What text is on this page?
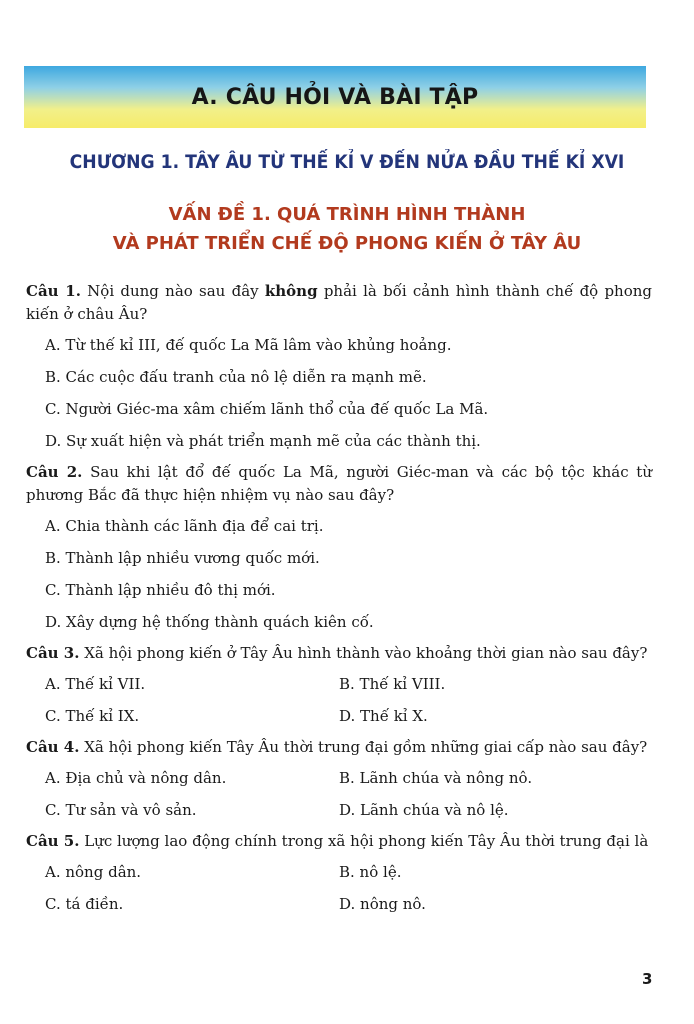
A. CÂU HỎI VÀ BÀI TẬP
CHƯƠNG 1. TÂY ÂU TỪ THẾ KỈ V ĐẾN NỬA ĐẦU THẾ KỈ XVI
VẤN ĐỀ 1. QUÁ TRÌNH HÌNH THÀNH
VÀ PHÁT TRIỂN CHẾ ĐỘ PHONG KIẾN Ở TÂY ÂU

Câu 1. Nội dung nào sau đây không phải là bối cảnh hình thành chế độ phong kiến ở châu Âu?

A. Từ thế kỉ III, đế quốc La Mã lâm vào khủng hoảng.

B. Các cuộc đấu tranh của nô lệ diễn ra mạnh mẽ.

C. Người Giéc-ma xâm chiếm lãnh thổ của đế quốc La Mã.

D. Sự xuất hiện và phát triển mạnh mẽ của các thành thị.

Câu 2. Sau khi lật đổ đế quốc La Mã, người Giéc-man và các bộ tộc khác từ phương Bắc đã thực hiện nhiệm vụ nào sau đây?

A. Chia thành các lãnh địa để cai trị.

B. Thành lập nhiều vương quốc mới.

C. Thành lập nhiều đô thị mới.

D. Xây dựng hệ thống thành quách kiên cố.

Câu 3. Xã hội phong kiến ở Tây Âu hình thành vào khoảng thời gian nào sau đây?

A. Thế kỉ VII.	B. Thế kỉ VIII.
C. Thế kỉ IX.	D. Thế kỉ X.

Câu 4. Xã hội phong kiến Tây Âu thời trung đại gồm những giai cấp nào sau đây?

A. Địa chủ và nông dân.	B. Lãnh chúa và nông nô.
C. Tư sản và vô sản.	D. Lãnh chúa và nô lệ.

Câu 5. Lực lượng lao động chính trong xã hội phong kiến Tây Âu thời trung đại là

A. nông dân.	B. nô lệ.
C. tá điền.	D. nông nô.
3
